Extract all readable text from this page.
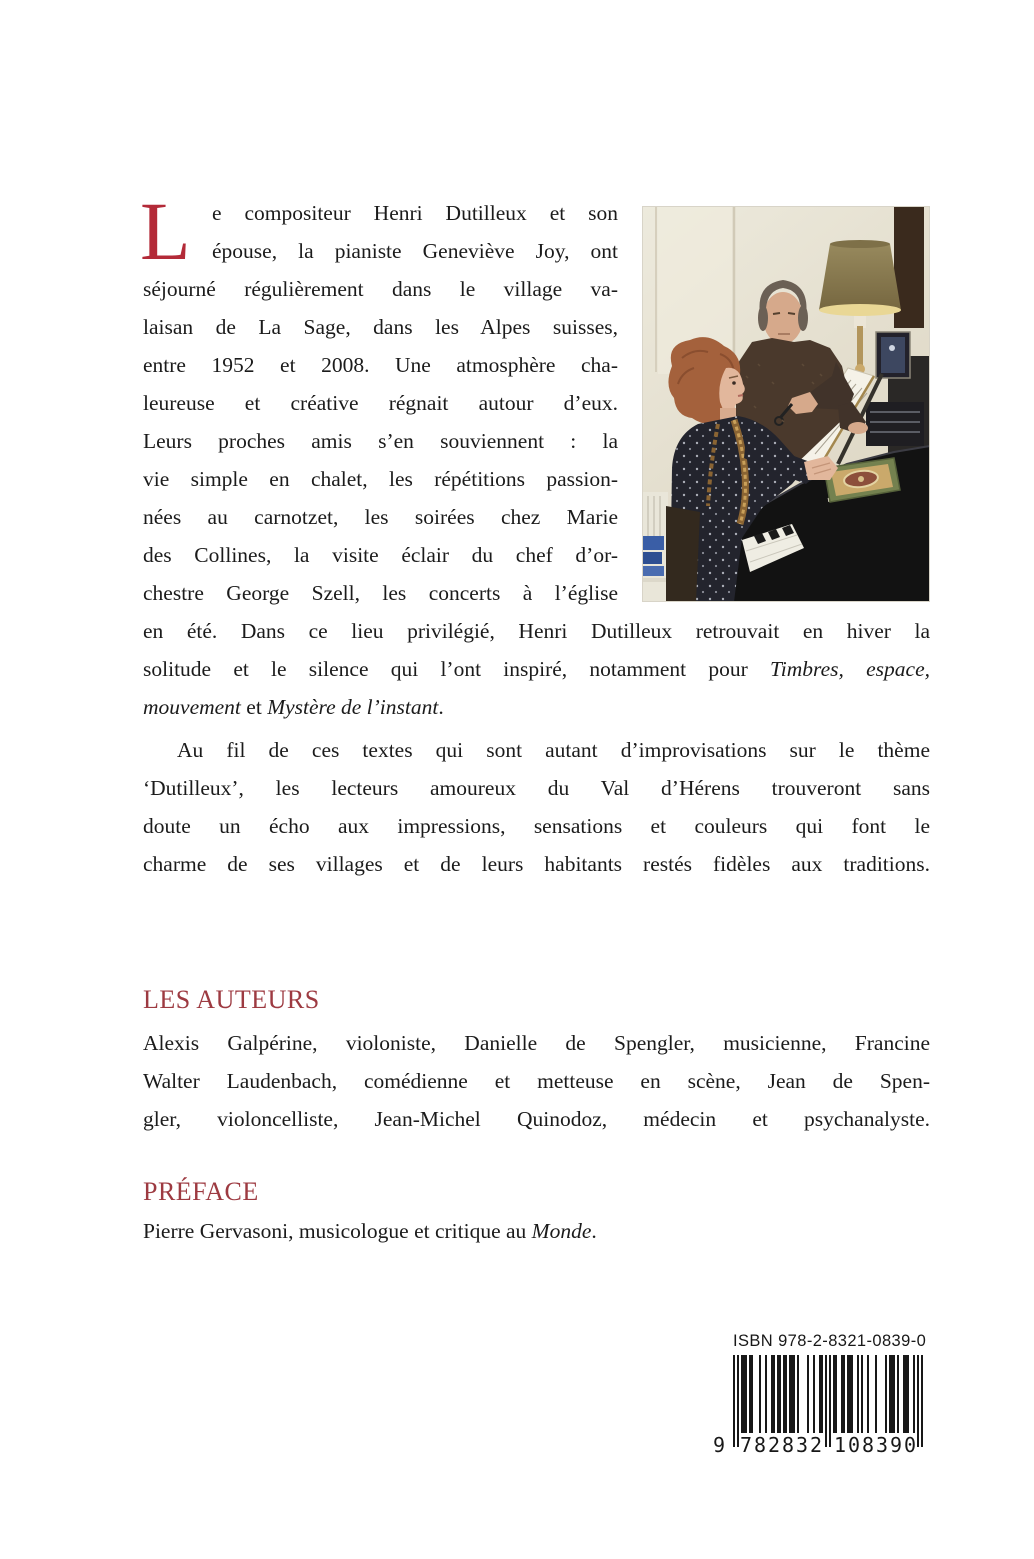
L e compositeur Henri Dutilleux et son
épouse, la pianiste Geneviève Joy, ont
séjourné régulièrement dans le village va-
laisan de La Sage, dans les Alpes suisses,
entre 1952 et 2008. Une atmosphère cha-
leureuse et créative régnait autour d’eux.
Leurs proches amis s’en souviennent : la
vie simple en chalet, les répétitions passion-
nées au carnotzet, les soirées chez Marie
des Collines, la visite éclair du chef d’or-
chestre George Szell, les concerts à l’église
en été. Dans ce lieu privilégié, Henri Dutilleux retrouvait en hiver la
solitude et le silence qui l’ont inspiré, notamment pour Timbres, espace,
mouvement et Mystère de l’instant.
Au fil de ces textes qui sont autant d’improvisations sur le thème
‘Dutilleux’, les lecteurs amoureux du Val d’Hérens trouveront sans
doute un écho aux impressions, sensations et couleurs qui font le
charme de ses villages et de leurs habitants restés fidèles aux traditions.
LES AUTEURS
Alexis Galpérine, violoniste, Danielle de Spengler, musicienne, Francine
Walter Laudenbach, comédienne et metteuse en scène, Jean de Spen-
gler, violoncelliste, Jean-Michel Quinodoz, médecin et psychanalyste.
PRÉFACE
Pierre Gervasoni, musicologue et critique au Monde.
ISBN 978-2-8321-0839-0
9 7	1
8	0
2	8
8	3
3	9
2	0
